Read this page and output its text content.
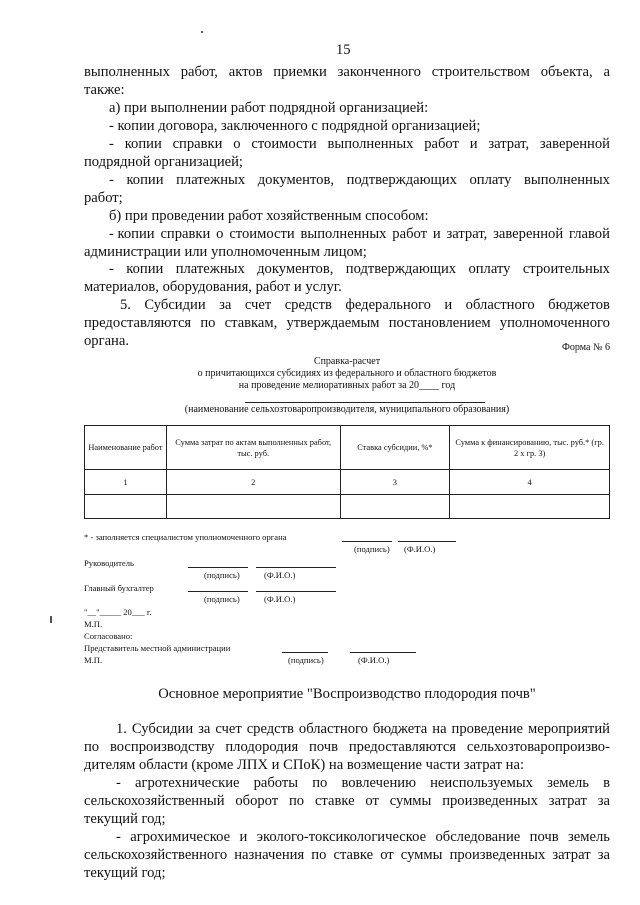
15
выполненных работ, актов приемки законченного строительством объекта, а
также:
а) при выполнении работ подрядной организацией:
- копии договора, заключенного с подрядной организацией;
- копии справки о стоимости выполненных работ и затрат, заверенной
подрядной организацией;
- копии платежных документов, подтверждающих оплату выполненных
работ;
б) при проведении работ хозяйственным способом:
- копии справки о стоимости выполненных работ и затрат, заверенной главой
администрации или уполномоченным лицом;
- копии платежных документов, подтверждающих оплату строительных
материалов, оборудования, работ и услуг.
5. Субсидии за счет средств федерального и областного бюджетов
предоставляются по ставкам, утверждаемым постановлением уполномоченного
органа.	Форма № 6
Справка-расчет
о причитающихся субсидиях из федерального и областного бюджетов
на проведение мелиоративных работ за 20____ год
(наименование сельхозтоваропроизводителя, муниципального образования)
Наименование работ	Сумма затрат по актам выполненных работ, тыс. руб.	Ставка субсидии, %*	Сумма к финансированию, тыс. руб.* (гр. 2 x гр. 3)
1	2	3	4

* - заполняется специалистом уполномоченного органа
(подпись) (Ф.И.О.)
Руководитель
(подпись)	(Ф.И.О.)
Главный бухгалтер
(подпись)	(Ф.И.О.)
"__"_____ 20___ г.
М.П.
Согласовано:
Представитель местной администрации
М.П.	(подпись)	(Ф.И.О.)
Основное мероприятие "Воспроизводство плодородия почв"
1. Субсидии за счет средств областного бюджета на проведение мероприятий
по воспроизводству плодородия почв предоставляются сельхозтоваропроизво-
дителям области (кроме ЛПХ и СПоК) на возмещение части затрат на:
- агротехнические работы по вовлечению неиспользуемых земель в
сельскохозяйственный оборот по ставке от суммы произведенных затрат за
текущий год;
- агрохимическое и эколого-токсикологическое обследование почв земель
сельскохозяйственного назначения по ставке от суммы произведенных затрат за
текущий год;
